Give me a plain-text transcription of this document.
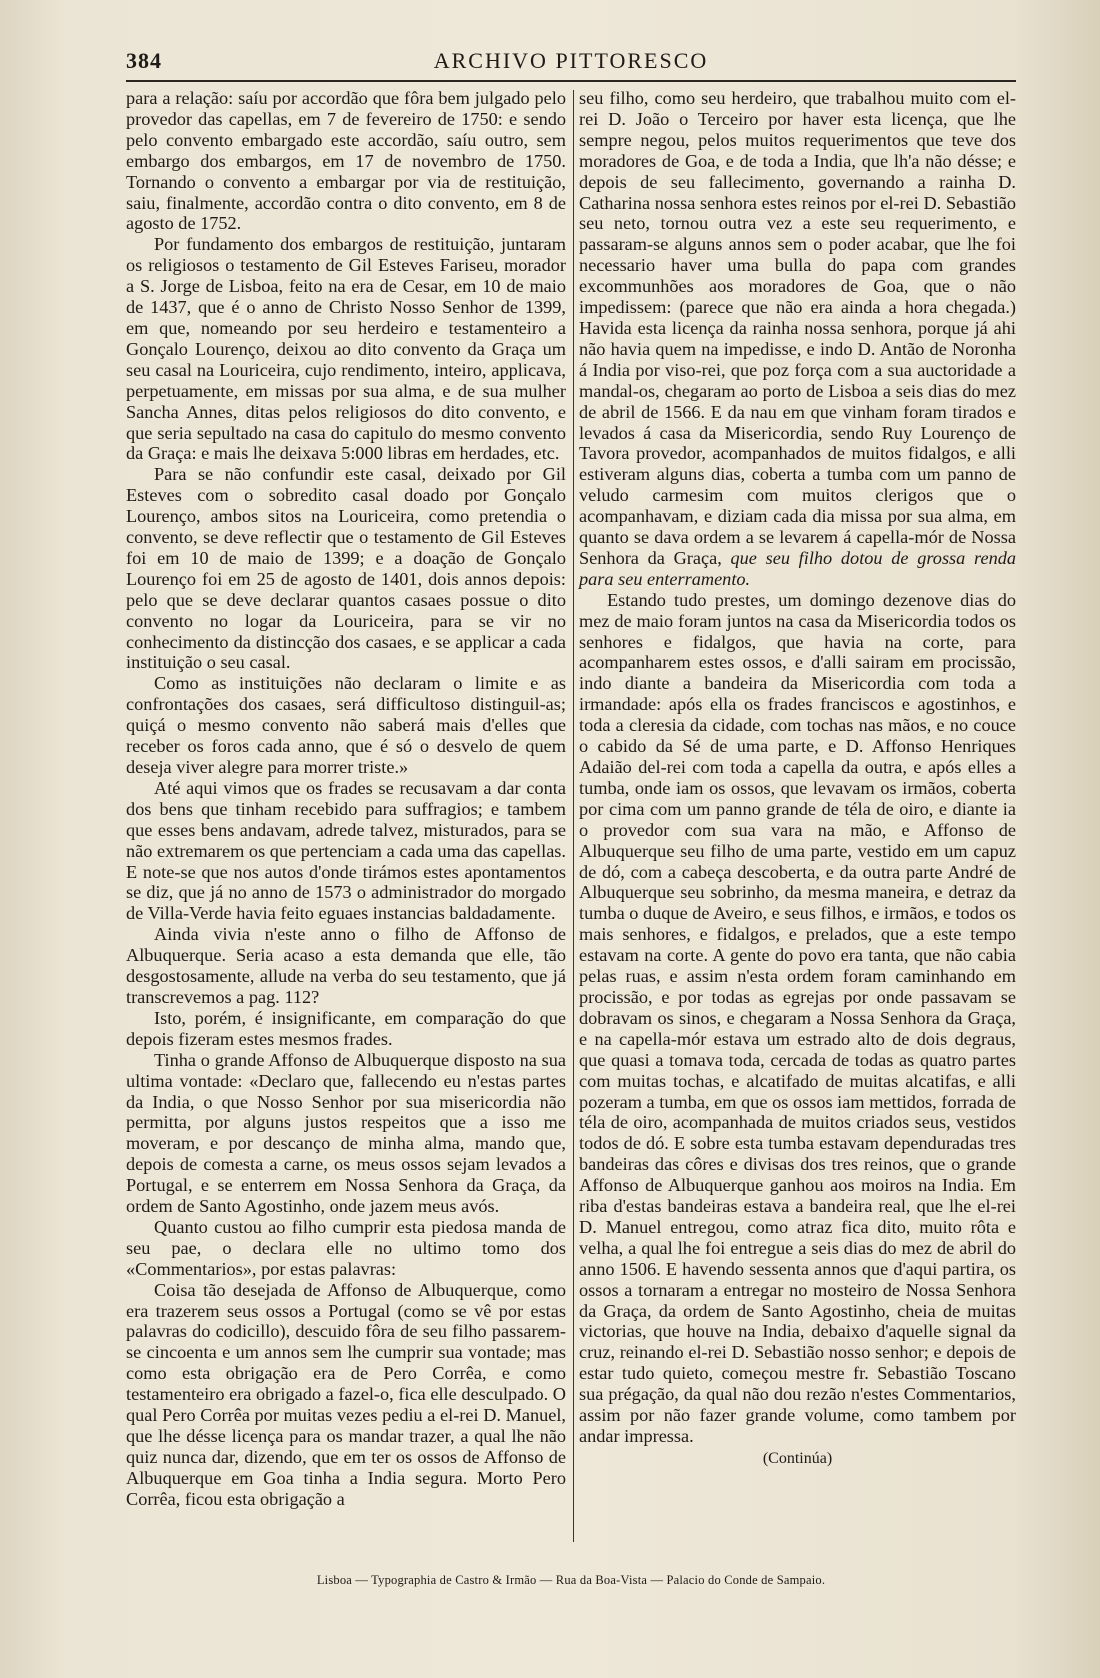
384	ARCHIVO PITTORESCO

para a relação: saíu por accordão que fôra bem julgado pelo provedor das capellas, em 7 de fevereiro de 1750: e sendo pelo convento embargado este accordão, saíu outro, sem embargo dos embargos, em 17 de novembro de 1750. Tornando o convento a embargar por via de restituição, saiu, finalmente, accordão contra o dito convento, em 8 de agosto de 1752.

Por fundamento dos embargos de restituição, juntaram os religiosos o testamento de Gil Esteves Fariseu, morador a S. Jorge de Lisboa, feito na era de Cesar, em 10 de maio de 1437, que é o anno de Christo Nosso Senhor de 1399, em que, nomeando por seu herdeiro e testamenteiro a Gonçalo Lourenço, deixou ao dito convento da Graça um seu casal na Louriceira, cujo rendimento, inteiro, applicava, perpetuamente, em missas por sua alma, e de sua mulher Sancha Annes, ditas pelos religiosos do dito convento, e que seria sepultado na casa do capitulo do mesmo convento da Graça: e mais lhe deixava 5:000 libras em herdades, etc.

Para se não confundir este casal, deixado por Gil Esteves com o sobredito casal doado por Gonçalo Lourenço, ambos sitos na Louriceira, como pretendia o convento, se deve reflectir que o testamento de Gil Esteves foi em 10 de maio de 1399; e a doação de Gonçalo Lourenço foi em 25 de agosto de 1401, dois annos depois: pelo que se deve declarar quantos casaes possue o dito convento no logar da Louriceira, para se vir no conhecimento da distincção dos casaes, e se applicar a cada instituição o seu casal.

Como as instituições não declaram o limite e as confrontações dos casaes, será difficultoso distinguil-as; quiçá o mesmo convento não saberá mais d'elles que receber os foros cada anno, que é só o desvelo de quem deseja viver alegre para morrer triste.»

Até aqui vimos que os frades se recusavam a dar conta dos bens que tinham recebido para suffragios; e tambem que esses bens andavam, adrede talvez, misturados, para se não extremarem os que pertenciam a cada uma das capellas. E note-se que nos autos d'onde tirámos estes apontamentos se diz, que já no anno de 1573 o administrador do morgado de Villa-Verde havia feito eguaes instancias baldadamente.

Ainda vivia n'este anno o filho de Affonso de Albuquerque. Seria acaso a esta demanda que elle, tão desgostosamente, allude na verba do seu testamento, que já transcrevemos a pag. 112?

Isto, porém, é insignificante, em comparação do que depois fizeram estes mesmos frades.

Tinha o grande Affonso de Albuquerque disposto na sua ultima vontade: «Declaro que, fallecendo eu n'estas partes da India, o que Nosso Senhor por sua misericordia não permitta, por alguns justos respeitos que a isso me moveram, e por descanço de minha alma, mando que, depois de comesta a carne, os meus ossos sejam levados a Portugal, e se enterrem em Nossa Senhora da Graça, da ordem de Santo Agostinho, onde jazem meus avós.

Quanto custou ao filho cumprir esta piedosa manda de seu pae, o declara elle no ultimo tomo dos «Commentarios», por estas palavras:

Coisa tão desejada de Affonso de Albuquerque, como era trazerem seus ossos a Portugal (como se vê por estas palavras do codicillo), descuido fôra de seu filho passarem-se cincoenta e um annos sem lhe cumprir sua vontade; mas como esta obrigação era de Pero Corrêa, e como testamenteiro era obrigado a fazel-o, fica elle desculpado. O qual Pero Corrêa por muitas vezes pediu a el-rei D. Manuel, que lhe désse licença para os mandar trazer, a qual lhe não quiz nunca dar, dizendo, que em ter os ossos de Affonso de Albuquerque em Goa tinha a India segura. Morto Pero Corrêa, ficou esta obrigação a

seu filho, como seu herdeiro, que trabalhou muito com el-rei D. João o Terceiro por haver esta licença, que lhe sempre negou, pelos muitos requerimentos que teve dos moradores de Goa, e de toda a India, que lh'a não désse; e depois de seu fallecimento, governando a rainha D. Catharina nossa senhora estes reinos por el-rei D. Sebastião seu neto, tornou outra vez a este seu requerimento, e passaram-se alguns annos sem o poder acabar, que lhe foi necessario haver uma bulla do papa com grandes excommunhões aos moradores de Goa, que o não impedissem: (parece que não era ainda a hora chegada.) Havida esta licença da rainha nossa senhora, porque já ahi não havia quem na impedisse, e indo D. Antão de Noronha á India por viso-rei, que poz força com a sua auctoridade a mandal-os, chegaram ao porto de Lisboa a seis dias do mez de abril de 1566. E da nau em que vinham foram tirados e levados á casa da Misericordia, sendo Ruy Lourenço de Tavora provedor, acompanhados de muitos fidalgos, e alli estiveram alguns dias, coberta a tumba com um panno de veludo carmesim com muitos clerigos que o acompanhavam, e diziam cada dia missa por sua alma, em quanto se dava ordem a se levarem á capella-mór de Nossa Senhora da Graça, que seu filho dotou de grossa renda para seu enterramento.

Estando tudo prestes, um domingo dezenove dias do mez de maio foram juntos na casa da Misericordia todos os senhores e fidalgos, que havia na corte, para acompanharem estes ossos, e d'alli sairam em procissão, indo diante a bandeira da Misericordia com toda a irmandade: após ella os frades franciscos e agostinhos, e toda a cleresia da cidade, com tochas nas mãos, e no couce o cabido da Sé de uma parte, e D. Affonso Henriques Adaião del-rei com toda a capella da outra, e após elles a tumba, onde iam os ossos, que levavam os irmãos, coberta por cima com um panno grande de téla de oiro, e diante ia o provedor com sua vara na mão, e Affonso de Albuquerque seu filho de uma parte, vestido em um capuz de dó, com a cabeça descoberta, e da outra parte André de Albuquerque seu sobrinho, da mesma maneira, e detraz da tumba o duque de Aveiro, e seus filhos, e irmãos, e todos os mais senhores, e fidalgos, e prelados, que a este tempo estavam na corte. A gente do povo era tanta, que não cabia pelas ruas, e assim n'esta ordem foram caminhando em procissão, e por todas as egrejas por onde passavam se dobravam os sinos, e chegaram a Nossa Senhora da Graça, e na capella-mór estava um estrado alto de dois degraus, que quasi a tomava toda, cercada de todas as quatro partes com muitas tochas, e alcatifado de muitas alcatifas, e alli pozeram a tumba, em que os ossos iam mettidos, forrada de téla de oiro, acompanhada de muitos criados seus, vestidos todos de dó. E sobre esta tumba estavam dependuradas tres bandeiras das côres e divisas dos tres reinos, que o grande Affonso de Albuquerque ganhou aos moiros na India. Em riba d'estas bandeiras estava a bandeira real, que lhe el-rei D. Manuel entregou, como atraz fica dito, muito rôta e velha, a qual lhe foi entregue a seis dias do mez de abril do anno 1506. E havendo sessenta annos que d'aqui partira, os ossos a tornaram a entregar no mosteiro de Nossa Senhora da Graça, da ordem de Santo Agostinho, cheia de muitas victorias, que houve na India, debaixo d'aquelle signal da cruz, reinando el-rei D. Sebastião nosso senhor; e depois de estar tudo quieto, começou mestre fr. Sebastião Toscano sua prégação, da qual não dou rezão n'estes Commentarios, assim por não fazer grande volume, como tambem por andar impressa.

(Continúa)
Lisboa — Typographia de Castro & Irmão — Rua da Boa-Vista — Palacio do Conde de Sampaio.
